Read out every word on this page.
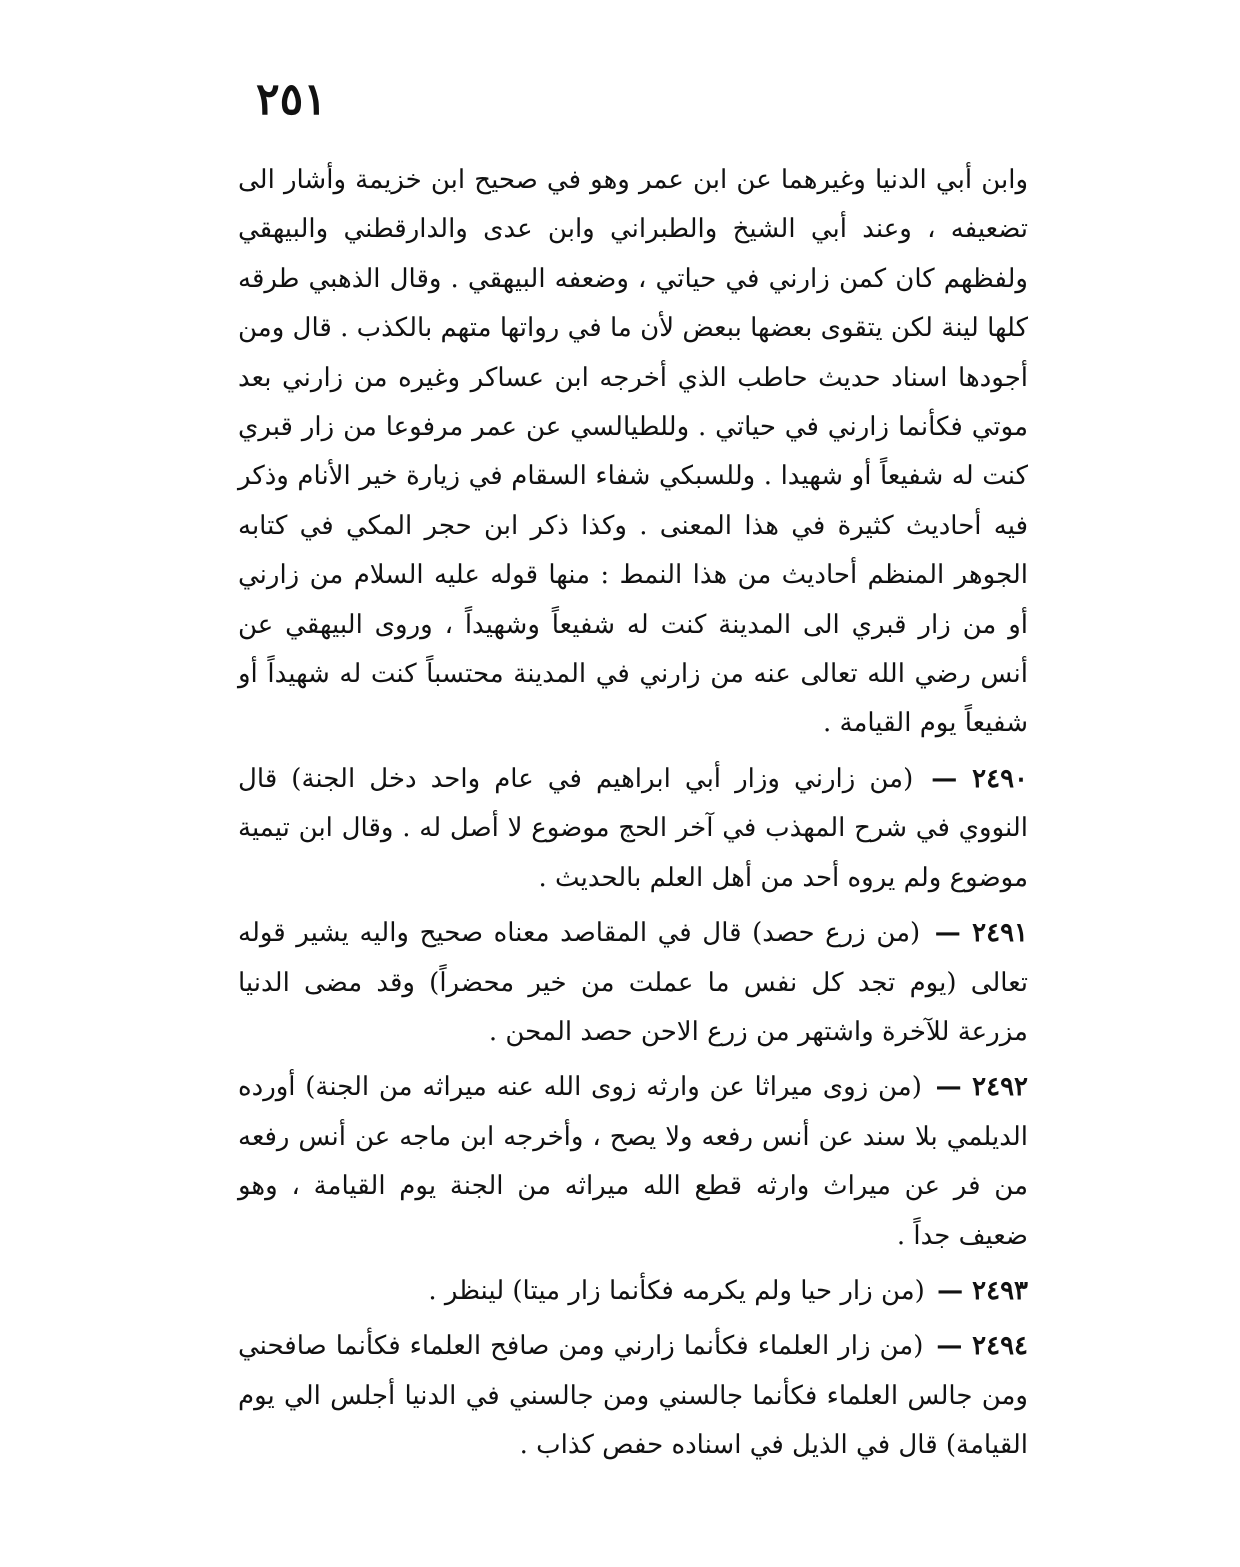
٢٥١

وابن أبي الدنيا وغيرهما عن ابن عمر وهو في صحيح ابن خزيمة وأشار الى تضعيفه ، وعند أبي الشيخ والطبراني وابن عدى والدارقطني والبيهقي ولفظهم كان كمن زارني في حياتي ، وضعفه البيهقي . وقال الذهبي طرقه كلها لينة لكن يتقوى بعضها ببعض لأن ما في رواتها متهم بالكذب . قال ومن أجودها اسناد حديث حاطب الذي أخرجه ابن عساكر وغيره من زارني بعد موتي فكأنما زارني في حياتي . وللطيالسي عن عمر مرفوعا من زار قبري كنت له شفيعاً أو شهيدا . وللسبكي شفاء السقام في زيارة خير الأنام وذكر فيه أحاديث كثيرة في هذا المعنى . وكذا ذكر ابن حجر المكي في كتابه الجوهر المنظم أحاديث من هذا النمط : منها قوله عليه السلام من زارني أو من زار قبري الى المدينة كنت له شفيعاً وشهيداً ، وروى البيهقي عن أنس رضي الله تعالى عنه من زارني في المدينة محتسباً كنت له شهيداً أو شفيعاً يوم القيامة .

٢٤٩٠ — (من زارني وزار أبي ابراهيم في عام واحد دخل الجنة) قال النووي في شرح المهذب في آخر الحج موضوع لا أصل له . وقال ابن تيمية موضوع ولم يروه أحد من أهل العلم بالحديث .

٢٤٩١ — (من زرع حصد) قال في المقاصد معناه صحيح واليه يشير قوله تعالى (يوم تجد كل نفس ما عملت من خير محضراً) وقد مضى الدنيا مزرعة للآخرة واشتهر من زرع الاحن حصد المحن .

٢٤٩٢ — (من زوى ميراثا عن وارثه زوى الله عنه ميراثه من الجنة) أورده الديلمي بلا سند عن أنس رفعه ولا يصح ، وأخرجه ابن ماجه عن أنس رفعه من فر عن ميراث وارثه قطع الله ميراثه من الجنة يوم القيامة ، وهو ضعيف جداً .

٢٤٩٣ — (من زار حيا ولم يكرمه فكأنما زار ميتا) لينظر .

٢٤٩٤ — (من زار العلماء فكأنما زارني ومن صافح العلماء فكأنما صافحني ومن جالس العلماء فكأنما جالسني ومن جالسني في الدنيا أجلس الي يوم القيامة) قال في الذيل في اسناده حفص كذاب .
